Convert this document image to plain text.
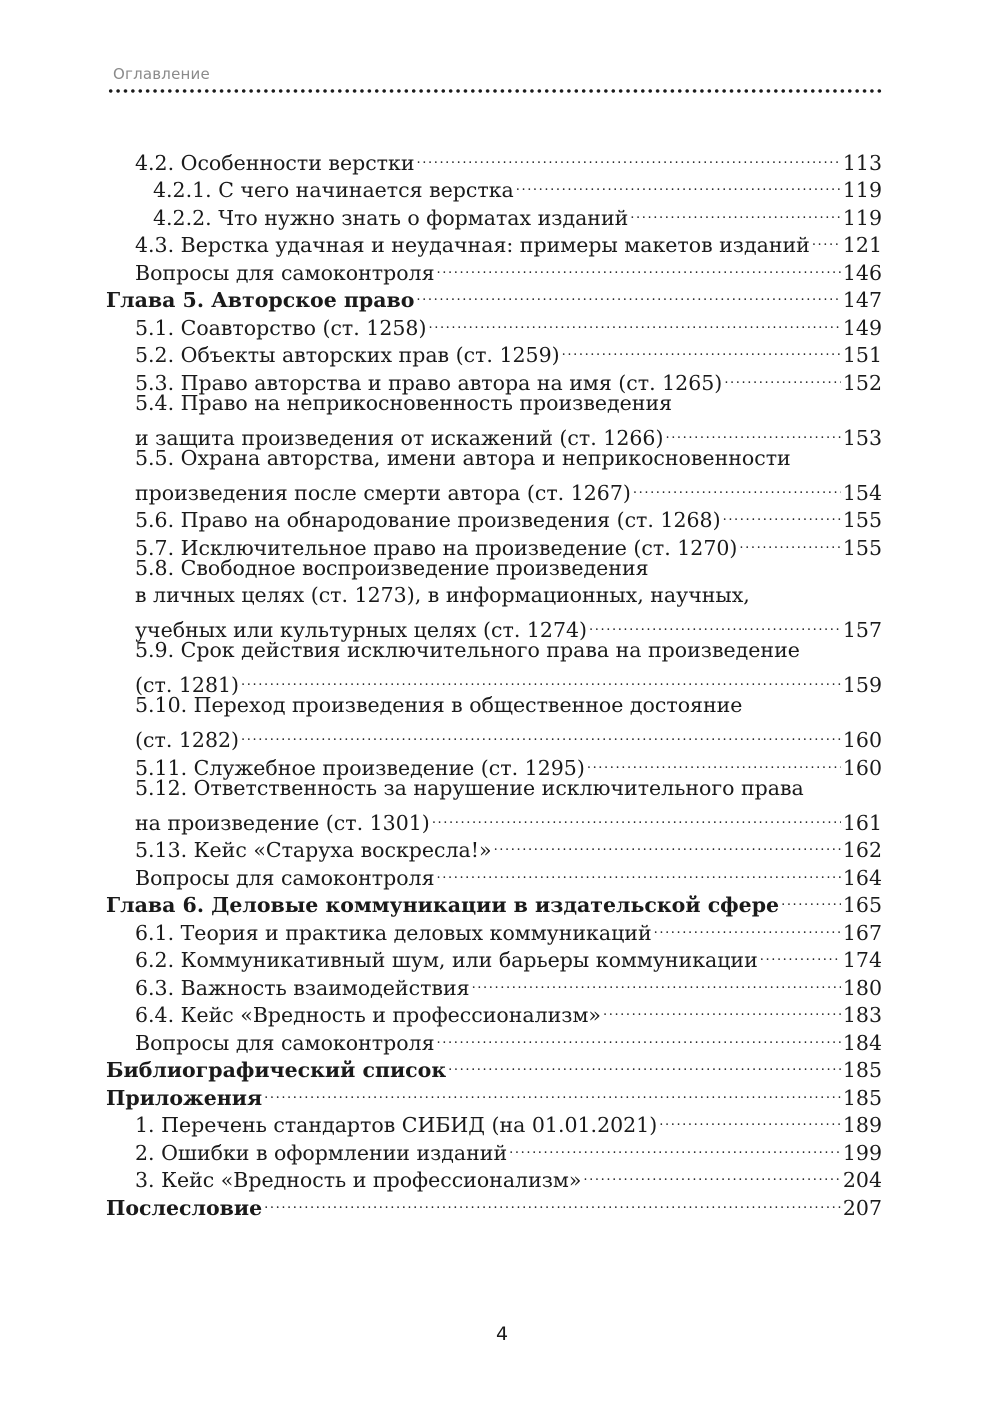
Оглавление
4.2. Особенности верстки .....	113
4.2.1. С чего начинается верстка .....	119
4.2.2. Что нужно знать о форматах изданий .....	119
4.3. Верстка удачная и неудачная: примеры макетов изданий ..... 121
Вопросы для самоконтроля .....	146
Глава 5. Авторское право .....	147
5.1. Соавторство (ст. 1258) .....	149
5.2. Объекты авторских прав (ст. 1259) .....	151
5.3. Право авторства и право автора на имя (ст. 1265) .....	152
5.4. Право на неприкосновенность произведения
и защита произведения от искажений (ст. 1266) .....	153
5.5. Охрана авторства, имени автора и неприкосновенности
произведения после смерти автора (ст. 1267) .....	154
5.6. Право на обнародование произведения (ст. 1268) .....	155
5.7. Исключительное право на произведение (ст. 1270) .....	155
5.8. Свободное воспроизведение произведения
в личных целях (ст. 1273), в информационных, научных,
учебных или культурных целях (ст. 1274) .....	157
5.9. Срок действия исключительного права на произведение
(ст. 1281) .....	159
5.10. Переход произведения в общественное достояние
(ст. 1282) .....	160
5.11. Служебное произведение (ст. 1295) .....	160
5.12. Ответственность за нарушение исключительного права
на произведение (ст. 1301) .....	161
5.13. Кейс «Старуха воскресла!» .....	162
Вопросы для самоконтроля .....	164
Глава 6. Деловые коммуникации в издательской сфере .....	165
6.1. Теория и практика деловых коммуникаций .....	167
6.2. Коммуникативный шум, или барьеры коммуникации .....	174
6.3. Важность взаимодействия .....	180
6.4. Кейс «Вредность и профессионализм» .....	183
Вопросы для самоконтроля .....	184
Библиографический список .....	185
Приложения .....	185
1. Перечень стандартов СИБИД (на 01.01.2021) .....	189
2. Ошибки в оформлении изданий .....	199
3. Кейс «Вредность и профессионализм» .....	204
Послесловие .....	207
4
